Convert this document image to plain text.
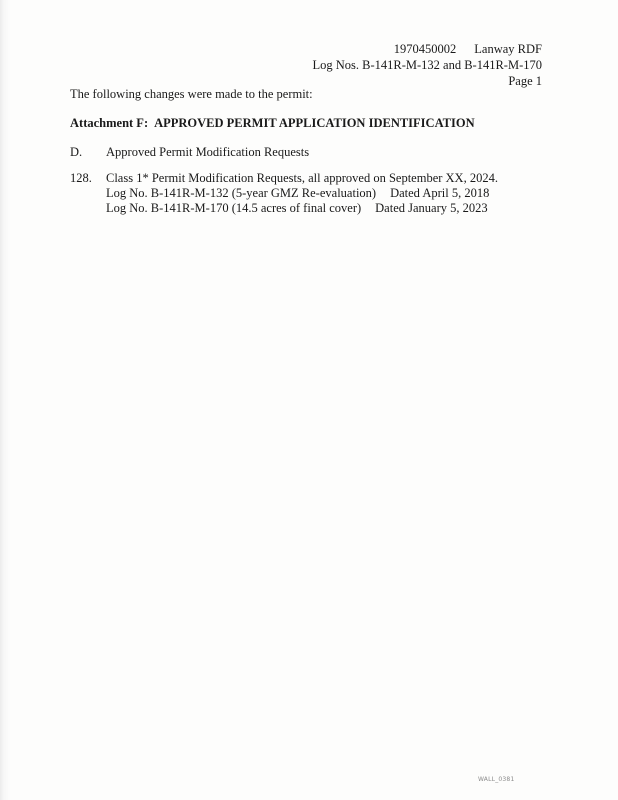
1970450002 Lanway RDF
Log Nos. B-141R-M-132 and B-141R-M-170
Page 1
The following changes were made to the permit:
Attachment F: APPROVED PERMIT APPLICATION IDENTIFICATION
D. Approved Permit Modification Requests
128. Class 1* Permit Modification Requests, all approved on September XX, 2024.
Log No. B-141R-M-132 (5-year GMZ Re-evaluation) Dated April 5, 2018
Log No. B-141R-M-170 (14.5 acres of final cover) Dated January 5, 2023
WALL_0381
